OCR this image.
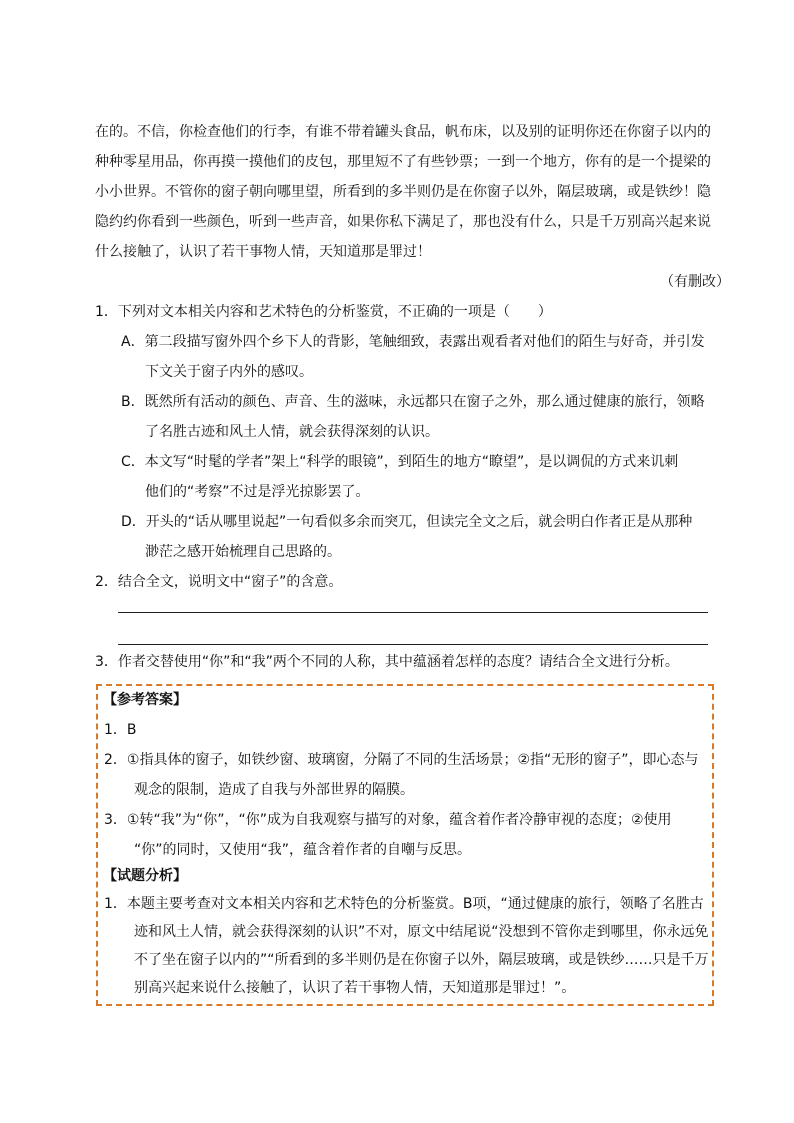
在的。不信，你检查他们的行李，有谁不带着罐头食品，帆布床，以及别的证明你还在你窗子以内的
种种零星用品，你再摸一摸他们的皮包，那里短不了有些钞票；一到一个地方，你有的是一个提梁的
小小世界。不管你的窗子朝向哪里望，所看到的多半则仍是在你窗子以外，隔层玻璃，或是铁纱！隐
隐约约你看到一些颜色，听到一些声音，如果你私下满足了，那也没有什么，只是千万别高兴起来说
什么接触了，认识了若干事物人情，天知道那是罪过！
（有删改）
1．下列对文本相关内容和艺术特色的分析鉴赏，不正确的一项是（　　）
A．第二段描写窗外四个乡下人的背影，笔触细致，表露出观看者对他们的陌生与好奇，并引发
下文关于窗子内外的感叹。
B．既然所有活动的颜色、声音、生的滋味，永远都只在窗子之外，那么通过健康的旅行，领略
了名胜古迹和风土人情，就会获得深刻的认识。
C．本文写“时髦的学者”架上“科学的眼镜”，到陌生的地方“瞭望”，是以调侃的方式来讥刺
他们的“考察”不过是浮光掠影罢了。
D．开头的“话从哪里说起”一句看似多余而突兀，但读完全文之后，就会明白作者正是从那种
渺茫之感开始梳理自己思路的。
2．结合全文，说明文中“窗子”的含意。
3．作者交替使用“你”和“我”两个不同的人称，其中蕴涵着怎样的态度？请结合全文进行分析。
【参考答案】
1．B
2．①指具体的窗子，如铁纱窗、玻璃窗，分隔了不同的生活场景；②指“无形的窗子”，即心态与
观念的限制，造成了自我与外部世界的隔膜。
3．①转“我”为“你”，“你”成为自我观察与描写的对象，蕴含着作者冷静审视的态度；②使用
“你”的同时，又使用“我”，蕴含着作者的自嘲与反思。
【试题分析】
1．本题主要考查对文本相关内容和艺术特色的分析鉴赏。B项，“通过健康的旅行，领略了名胜古
迹和风土人情，就会获得深刻的认识”不对，原文中结尾说“没想到不管你走到哪里，你永远免
不了坐在窗子以内的”“所看到的多半则仍是在你窗子以外，隔层玻璃，或是铁纱……只是千万
别高兴起来说什么接触了，认识了若干事物人情，天知道那是罪过！”。
